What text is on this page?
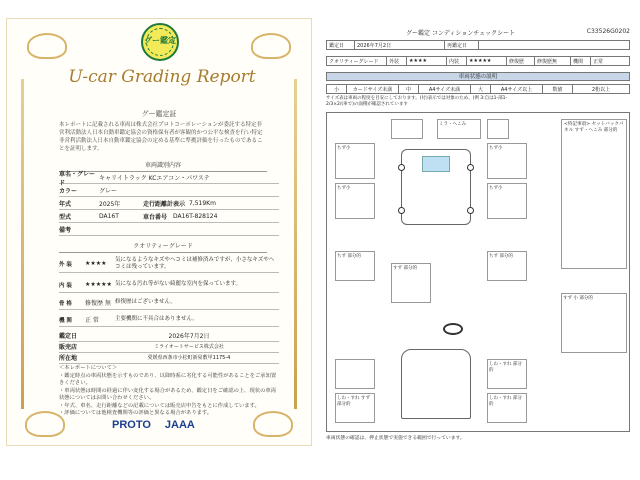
グー鑑定
U-car Grading Report
グー鑑定証
本レポートに記載される車両は株式会社プロトコーポレーションが委託する特定非営利活動法人日本自動車鑑定協会の資格保有者が客観的かつ公平な検査を行い特定非営利活動法人日本自動車鑑定協会の定める基準に準拠評価を行ったものであることを証明します。
車両識別内容
車名・グレード
キャリイトラック KCエアコン・パワステ
カラー	グレー
年式	2025年	走行距離計表示 7,519Km
型式	DA16T	車台番号 DA16T-828124
備考
クオリティーグレード
外 装	★★★★
気になるようなキズやヘコミは補修済みですが、小さなキズやヘコミは残っています。
内 装	★★★★★ 気になる汚れ等がない綺麗な室内を保っています。
骨 格	修復歴 無 修復歴はございません。
機 関	正 常	主要機関に不具合はありません。
鑑定日	2026年7月2日
販売店	ミライオートサービス株式会社
所在地	愛媛県西条市小松町新屋敷甲1175-4
＜本レポートについて＞
・鑑定時点の車両状態を示すものであり、以降時系に劣化する可能性があることをご承知置きください。
・車両状態は時間の経過に伴い変化する場合があるため、鑑定日をご確認の上、現状の車両状態についてはお問い合わせください。
・年式、車名、走行距離などの記載については販売店申告をもとに作成しています。
・評価については他検査機関等の評価と異なる場合があります。
PROTO JAAA
グー鑑定 コンディションチェックシート	C33526G0202
鑑定日	2026年7月2日	再鑑定日
クオリティーグレード	外装	★★★★	内装	★★★★★	修復歴	修復歴無	機関	正常
車両状態の説明
小	カードサイズ未満	中	A4サイズ未満	大	A4サイズ以上	数値	2桁以上
サイズ表は車両の程度を目安にしております。(付)表示では対象のため、(例 3:自は1-部1-2/3×2/(車で)の面積が確認されています
ミラ・ヘこみ
ちず小
ちず小
ちず小
ちず小
ちず 部分的
すず 部分的
ちず 部分的
しわ・すれ すず 部分的
しわ・すれ 部分的
しわ・すれ 部分的
<特記事項> セットバックパネル すず・へこみ 部分的
すず 小 部分的
車両状態の確認は、押止状態で実施できる範囲で行っています。
